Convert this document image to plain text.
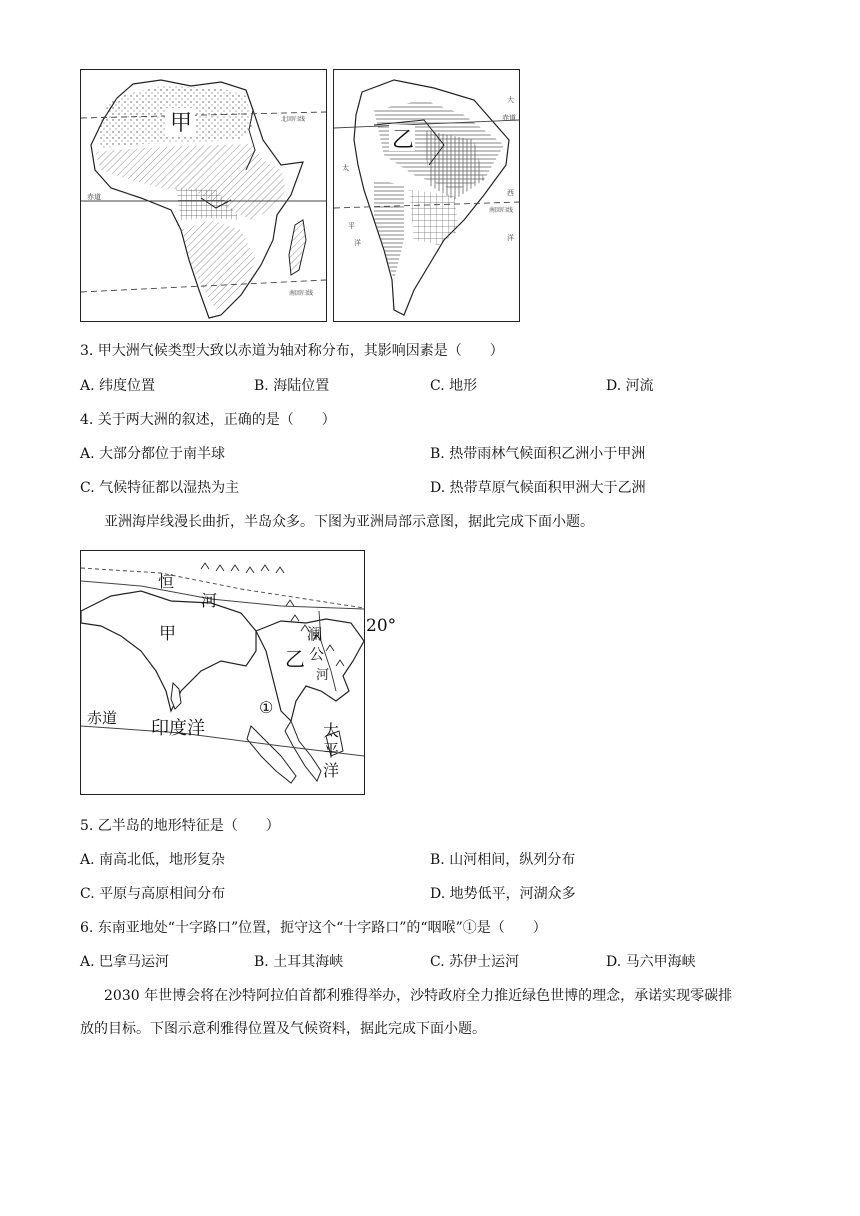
甲	北回归线
赤道
南回归线
乙
大
赤道
西
南回归线
洋
太
平
洋
3. 甲大洲气候类型大致以赤道为轴对称分布，其影响因素是（　　）
A. 纬度位置	B. 海陆位置	C. 地形	D. 河流
4. 关于两大洲的叙述，正确的是（　　）
A. 大部分都位于南半球	B. 热带雨林气候面积乙洲小于甲洲
C. 气候特征都以湿热为主	D. 热带草原气候面积甲洲大于乙洲
亚洲海岸线漫长曲折，半岛众多。下图为亚洲局部示意图，据此完成下面小题。
恒
河
甲	澜
乙 公
河
①
赤道 印度洋	太
平
洋
20°
5. 乙半岛的地形特征是（　　）
A. 南高北低，地形复杂	B. 山河相间，纵列分布
C. 平原与高原相间分布	D. 地势低平，河湖众多
6. 东南亚地处“十字路口”位置，扼守这个“十字路口”的“咽喉”①是（　　）
A. 巴拿马运河	B. 土耳其海峡	C. 苏伊士运河	D. 马六甲海峡
2030 年世博会将在沙特阿拉伯首都利雅得举办，沙特政府全力推近绿色世博的理念，承诺实现零碳排
放的目标。下图示意利雅得位置及气候资料，据此完成下面小题。
